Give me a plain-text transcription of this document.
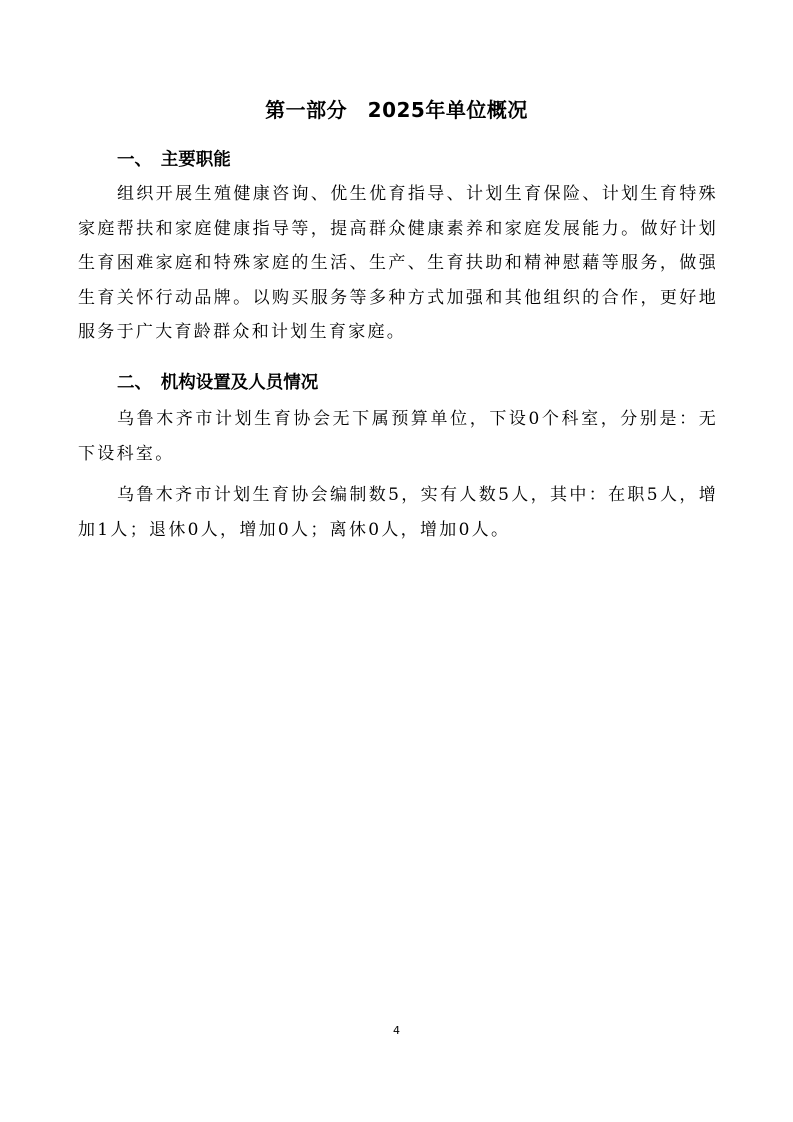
第一部分　2025年单位概况
一、　主要职能

组织开展生殖健康咨询、优生优育指导、计划生育保险、计划生育特殊家庭帮扶和家庭健康指导等，提高群众健康素养和家庭发展能力。做好计划生育困难家庭和特殊家庭的生活、生产、生育扶助和精神慰藉等服务，做强生育关怀行动品牌。以购买服务等多种方式加强和其他组织的合作，更好地服务于广大育龄群众和计划生育家庭。

二、　机构设置及人员情况

乌鲁木齐市计划生育协会无下属预算单位，下设0个科室，分别是：无下设科室。

乌鲁木齐市计划生育协会编制数5，实有人数5人，其中：在职5人，增加1人；退休0人，增加0人；离休0人，增加0人。

4
